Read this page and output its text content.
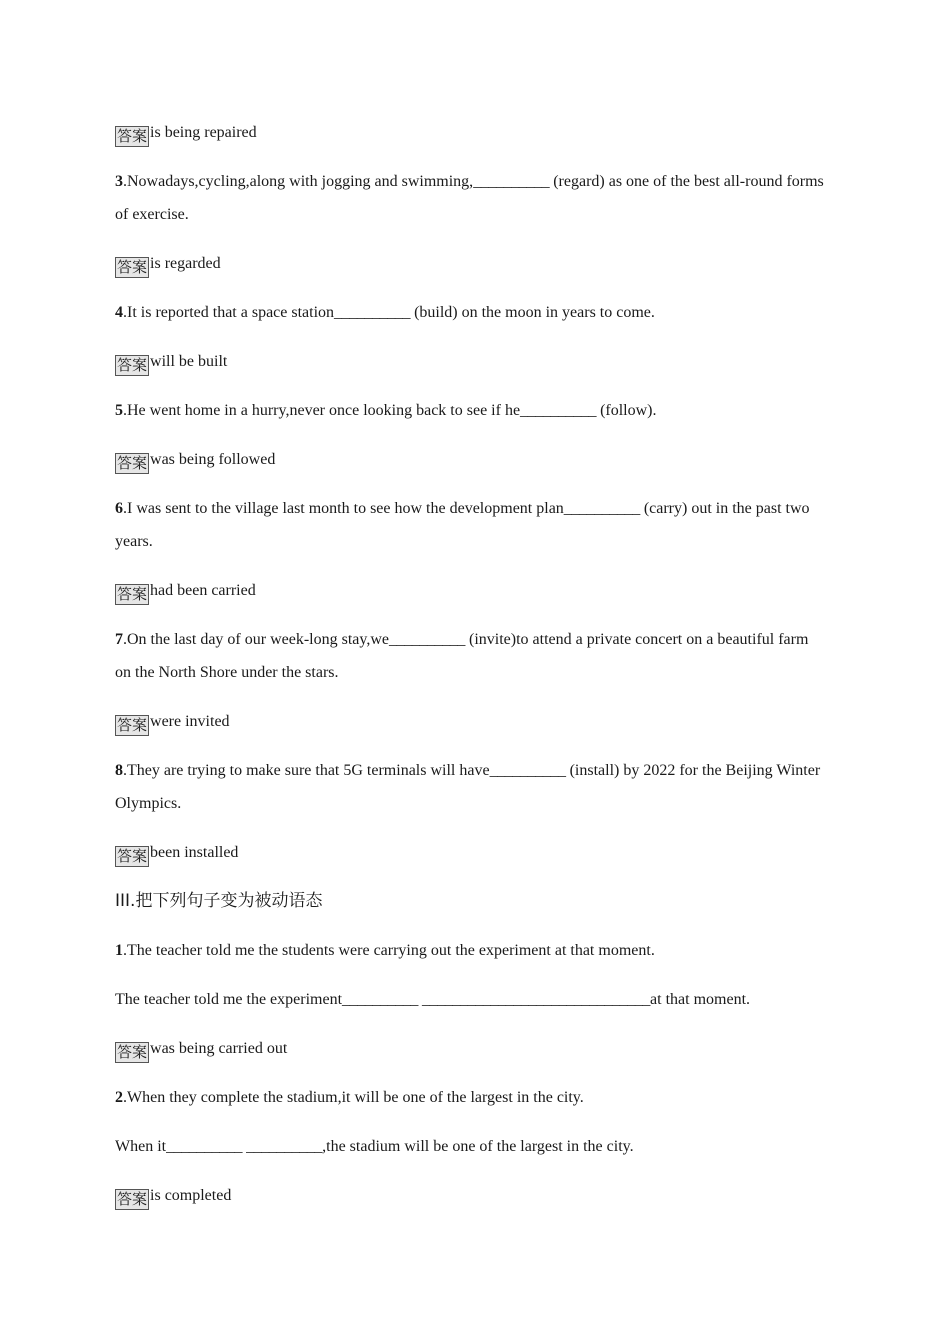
答案 is being repaired
3.Nowadays,cycling,along with jogging and swimming,__________ (regard) as one of the best all-round forms of exercise.
答案 is regarded
4.It is reported that a space station__________ (build) on the moon in years to come.
答案 will be built
5.He went home in a hurry,never once looking back to see if he__________ (follow).
答案 was being followed
6.I was sent to the village last month to see how the development plan__________ (carry) out in the past two years.
答案 had been carried
7.On the last day of our week-long stay,we__________ (invite)to attend a private concert on a beautiful farm on the North Shore under the stars.
答案 were invited
8.They are trying to make sure that 5G terminals will have__________ (install) by 2022 for the Beijing Winter Olympics.
答案 been installed
III.把下列句子变为被动语态
1.The teacher told me the students were carrying out the experiment at that moment.
The teacher told me the experiment__________ ______________________________at that moment.
答案 was being carried out
2.When they complete the stadium,it will be one of the largest in the city.
When it__________ __________,the stadium will be one of the largest in the city.
答案 is completed
